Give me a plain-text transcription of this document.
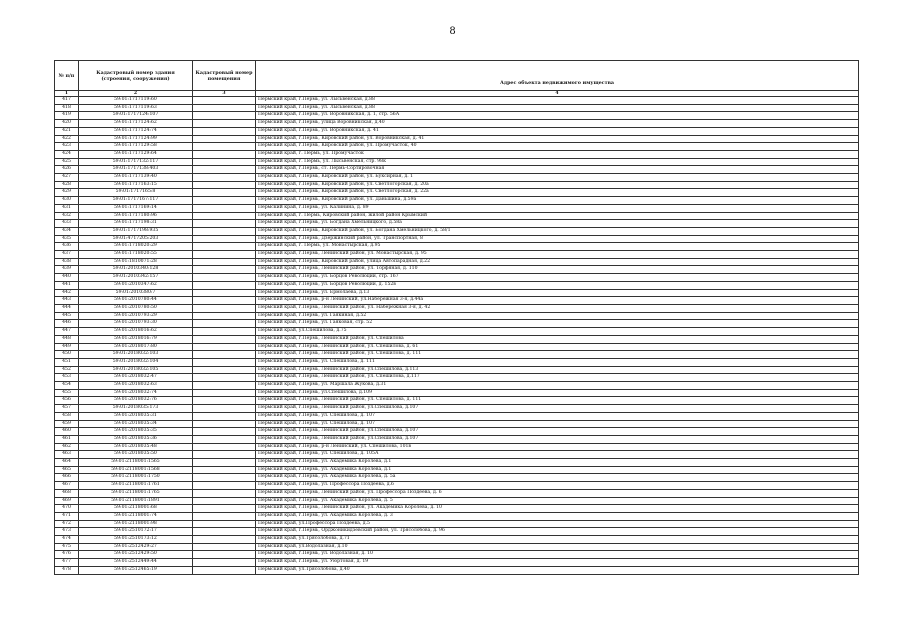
8
№ п/п	Кадастровый номер здания (строения, сооружения)	Кадастровый номер помещения	Адрес объекта недвижимого имущества
1	2	3	4
417	59:01:1717119:60		Пермский край, г.Пермь, ул. Лысьвенская, д.88
418	59:01:1717119:63		Пермский край, г.Пермь, ул. Лысьвенская, д.88
419	59:01:1717124:107		Пермский край, г.Пермь, ул. Воровникская, д. 1, стр. 56А
420	59:01:1717124:62		Пермский край, г.Пермь, улица Воровникская, д.40
421	59:01:1717124:74		Пермский край, г.Пермь, ул. Воровникская, д. 41
422	59:01:1717124:99		Пермский край, г.Пермь, Кировский район, ул. Воровникская, д. 41
423	59:01:1717129:58		Пермский край, г.Пермь, Кировский район, ул. Промучасток, 40
424	59:01:1717129:64		Пермский край, г. Пермь, ул. Промучасток
425	59:01:1717132:117		Пермский край, г. Пермь, ул. Лысьвенская, стр. 98к
426	59:01:1717138:403		Пермский край, г.Пермь, ст. Пермь-Сортировочная
427	59:01:1717139:40		Пермский край, г.Пермь, Кировский район, ул. Буксирная, д. 1
428	59:01:1717163:15		Пермский край, г.Пермь, Кировский район, ул. Светлогорская, д. 20а
429	59:01:1717165:8		Пермский край, г.Пермь, Кировский район, ул. Светлогорская, д. 22а
430	59:01:1717167:117		Пермский край, г.Пермь, Кировский район, ул. Даньшина, д.59а
431	59:01:1717169:14		Пермский край, г.Пермь, ул. Калинина, д. 89
432	59:01:1717180:96		Пермский край, г. Пермь, Кировский район, жилой район Крымский
433	59:01:1717198:31		Пермский край, г.Пермь, ул. Богдана Хмельницкого, д.58а
434	59:01:1717198:935		Пермский край, г.Пермь, Кировский район, ул. Богдана Хмельницкого, д. 58/1
435	59:01:4717205:203		Пермский край, г.Пермь, Дзержинский район, ул. Транспортная, 8
436	59:01:1718020:29		Пермский край, г. Пермь, ул. Монастырская, д.95
437	59:01:1718020:55		Пермский край, г.Пермь, Ленинский район, ул. Монастырская, д. 95
438	59:01:1810071:28		Пермский край, г.Пермь, Кировский район, улица Автопарадная, д.22
439	59:01:2010340:128		Пермский край, г.Пермь, Ленинский район, ул. Торфяная, д. 110
440	59:01:2010342:157		Пермский край, г.Пермь, ул. Борцов Революции, стр. 167
441	59:01:2010347:62		Пермский край, г.Пермь, ул. Борцов Революции, д. 152в
442	59:01:2010380:7		Пермский край, г.Пермь, ул. Ермолаева, д.13
443	59:01:2010780:44		Пермский край, г.Пермь, р-н Ленинский, ул.Набережная 3-я, д.44а
444	59:01:2010780:50		Пермский край, г.Пермь, Ленинский район, ул. Набережная 3-я, д. 42
445	59:01:2010793:29		Пермский край, г.Пермь, ул. Гаякиная, д.52
446	59:01:2010793:30		Пермский край, г.Пермь, ул. Гаяковая, стр. 52
447	59:01:2018016:62		Пермский край, ул.Спешилова, д.75
448	59:01:2018016:79		Пермский край, г.Пермь, Ленинский район, ул. Спешилова
449	59:01:2018017:80		Пермский край, г.Пермь, Ленинский район, ул. Спешилова, д. 61
450	59:01:2018032:103		Пермский край, г.Пермь, Ленинский район, ул. Спешилова, д. 111
451	59:01:2018032:104		Пермский край, г.Пермь, ул. Спешилова, д. 111
452	59:01:2018032:105		Пермский край, г.Пермь, Ленинский район, ул.Спешилова, д.113
453	59:01:2018032:47		Пермский край, г.Пермь, Ленинский район, ул. Спешилова, д.117
454	59:01:2018032:63		Пермский край, г.Пермь, ул. Маршала Жукова, д.31
455	59:01:2018032:74		Пермский край, г.Пермь, ул.Спешилова, д.109
456	59:01:2018032:76		Пермский край, г.Пермь, Ленинский район, ул. Спешилова, д. 111
457	59:01:2018035:173		Пермский край, г.Пермь, Ленинский район, ул.Спешилова, д.107
458	59:01:2018035:31		Пермский край, г.Пермь, ул. Спешилова, д. 107
459	59:01:2018035:34		Пермский край, г.Пермь, ул. Спешилова, д. 107
460	59:01:2018035:35		Пермский край, г.Пермь, Ленинский район, ул.Спешилова, д.107
461	59:01:2018035:36		Пермский край, г.Пермь, Ленинский район, ул.Спешилова, д.107
462	59:01:2018035:48		Пермский край, г.Пермь, р-н Ленинский, ул. Спешилова, 101в
463	59:01:2018035:50		Пермский край, г.Пермь, ул. Спешилова, д. 105А
464	59:01:2118001:1565		Пермский край, г.Пермь, ул. Академика Королева, д.1
465	59:01:2118001:1568		Пермский край, г.Пермь, ул. Академика Королева, д.1
466	59:01:2118001:1750		Пермский край, г.Пермь, ул. Академика Королева, д. 5а
467	59:01:2118001:1761		Пермский край, г.Пермь, ул. Профессора Поздеева, д.6
468	59:01:2118001:1765		Пермский край, г.Пермь, Ленинский район, ул. Профессора Поздеева, д. 6
469	59:01:2118001:1891		Пермский край, г.Пермь, ул. Академика Королева, д. 5
470	59:01:2118001:68		Пермский край, г.Пермь, Ленинский район, ул. Академика Королева, д. 10
471	59:01:2118001:74		Пермский край, г.Пермь, ул. Академика Королева, д. 3
472	59:01:2118001:98		Пермский край, ул.Профессора Поздеева, д.5
473	59:01:2510172:17		Пермский край, г.Пермь, Орджоникидзевский район, ул. Трясолобова, д. 96
474	59:01:2510173:12		Пермский край, ул.Трясолобова, д.71
475	59:01:2512429:27		Пермский край, ул.Водолазная, д.10
476	59:01:2512429:50		Пермский край, г.Пермь, ул. Водолазная, д. 10
477	59:01:2512449:44		Пермский край, г.Пермь, ул. Уюртовая, д. 19
478	59:01:2512465:19		Пермский край, ул.Трясолобова, д.40
